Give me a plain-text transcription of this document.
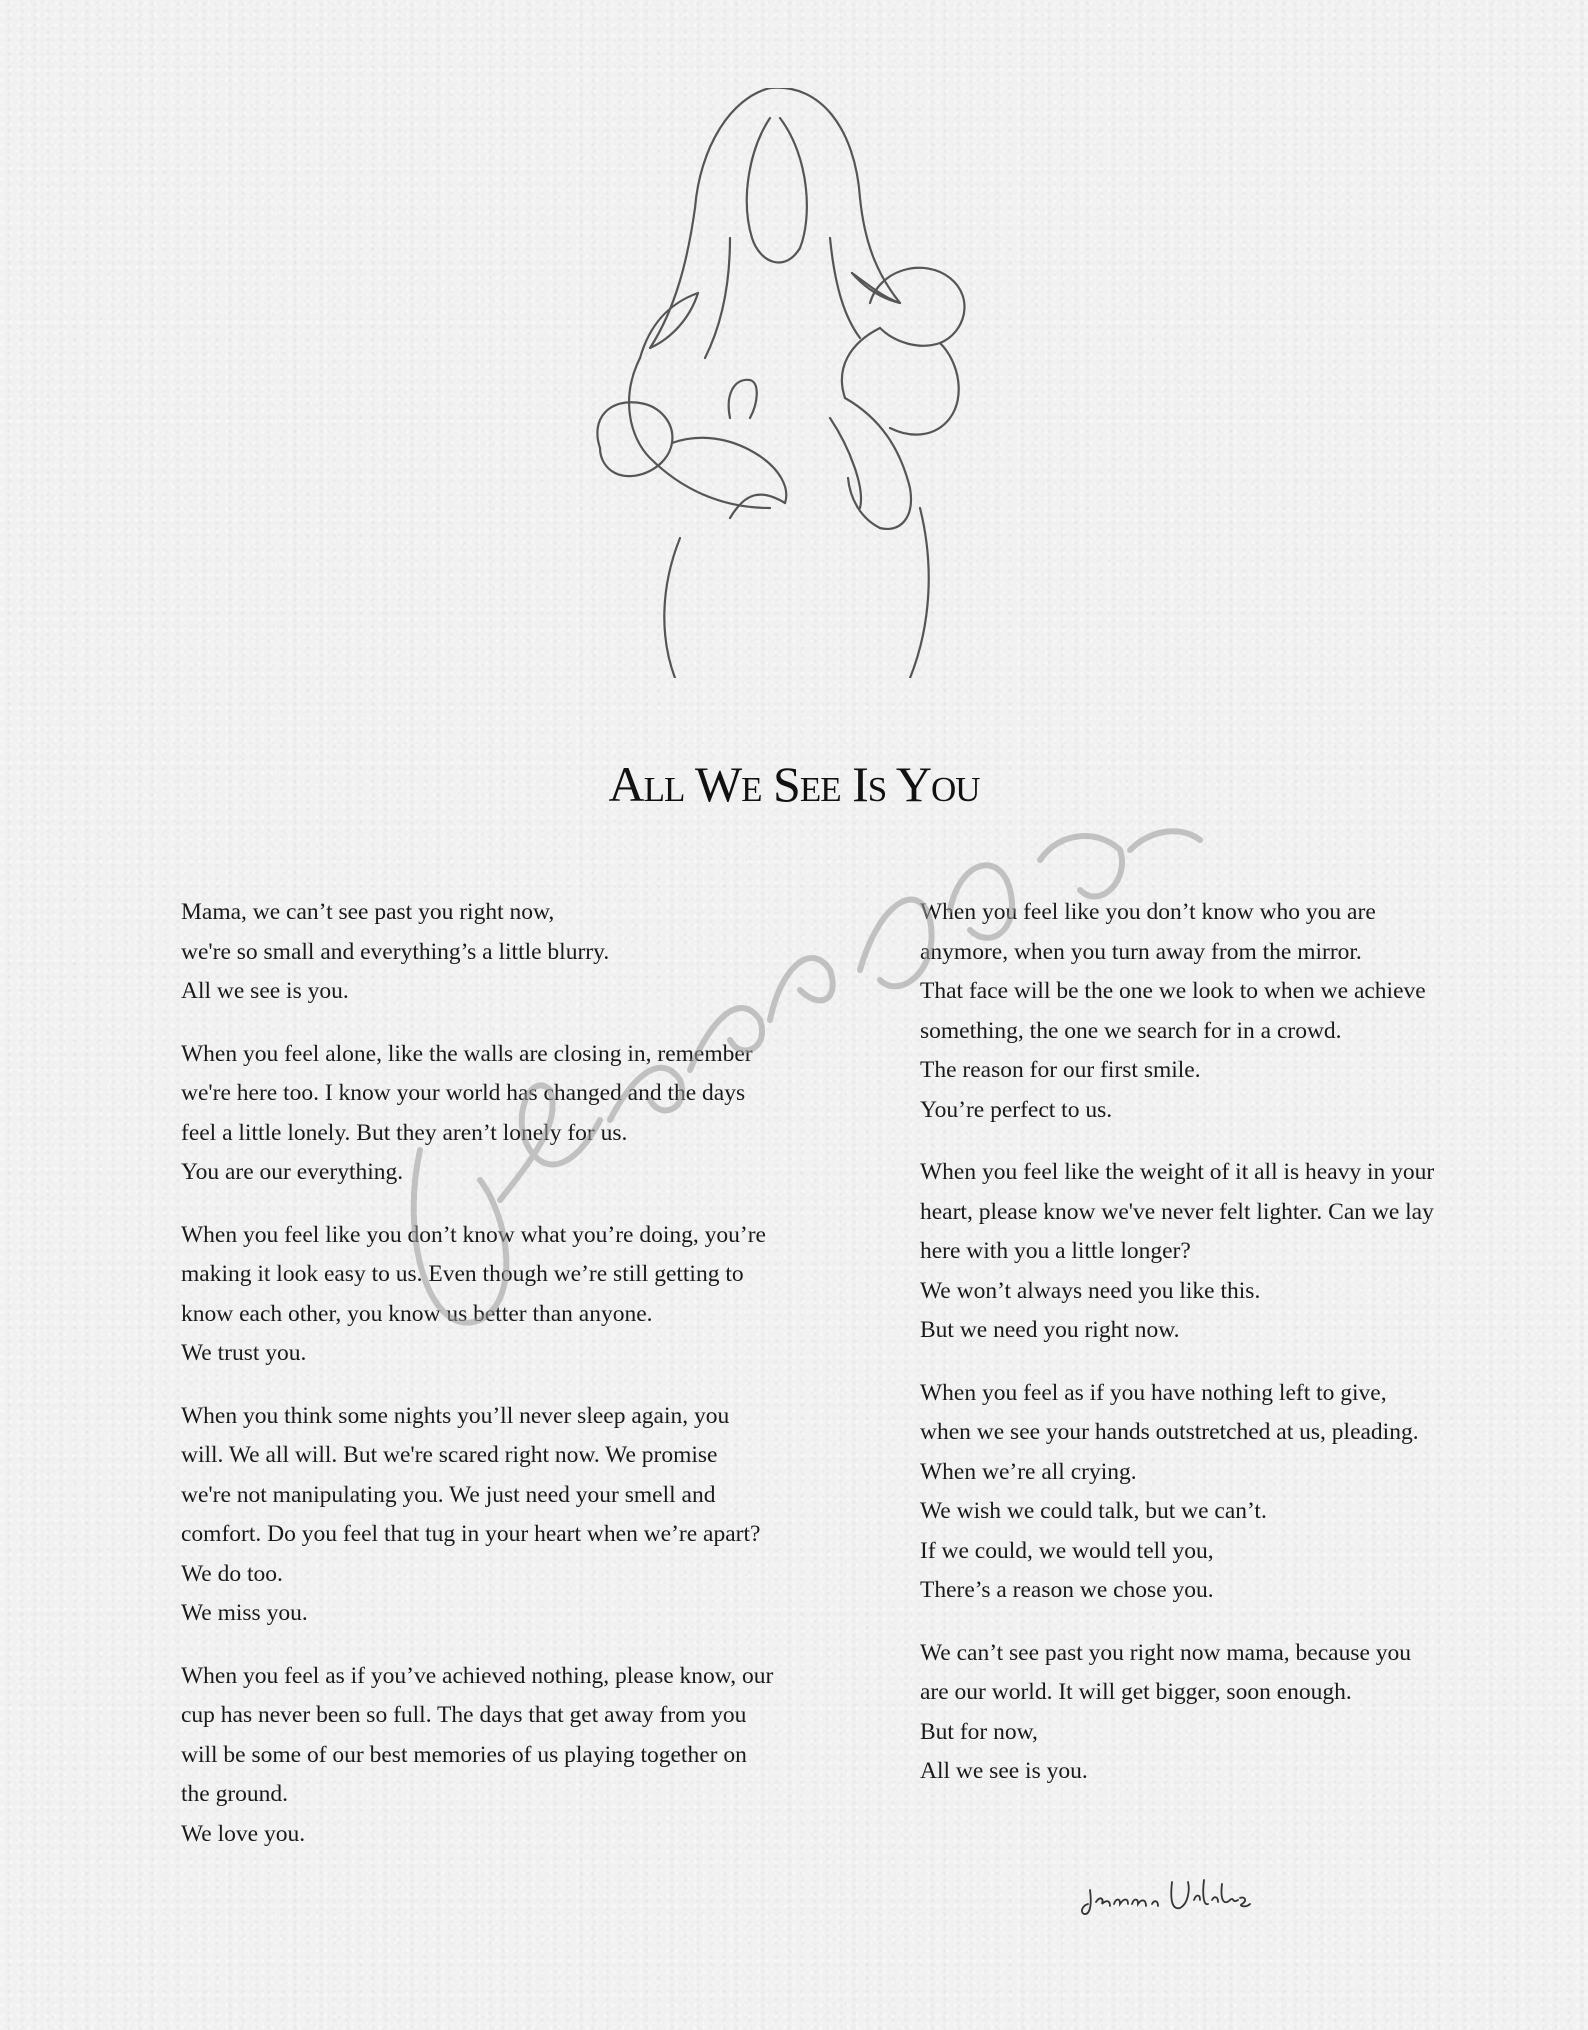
All We See Is You
Mama, we can’t see past you right now,
we're so small and everything’s a little blurry.
All we see is you.
When you feel alone, like the walls are closing in, remember
we're here too. I know your world has changed and the days
feel a little lonely. But they aren’t lonely for us.
You are our everything.
When you feel like you don’t know what you’re doing, you’re
making it look easy to us. Even though we’re still getting to
know each other, you know us better than anyone.
We trust you.
When you think some nights you’ll never sleep again, you
will. We all will. But we're scared right now. We promise
we're not manipulating you. We just need your smell and
comfort. Do you feel that tug in your heart when we’re apart?
We do too.
We miss you.
When you feel as if you’ve achieved nothing, please know, our
cup has never been so full. The days that get away from you
will be some of our best memories of us playing together on
the ground.
We love you.
When you feel like you don’t know who you are
anymore, when you turn away from the mirror.
That face will be the one we look to when we achieve
something, the one we search for in a crowd.
The reason for our first smile.
You’re perfect to us.
When you feel like the weight of it all is heavy in your
heart, please know we've never felt lighter. Can we lay
here with you a little longer?
We won’t always need you like this.
But we need you right now.
When you feel as if you have nothing left to give,
when we see your hands outstretched at us, pleading.
When we’re all crying.
We wish we could talk, but we can’t.
If we could, we would tell you,
There’s a reason we chose you.
We can’t see past you right now mama, because you
are our world. It will get bigger, soon enough.
But for now,
All we see is you.
